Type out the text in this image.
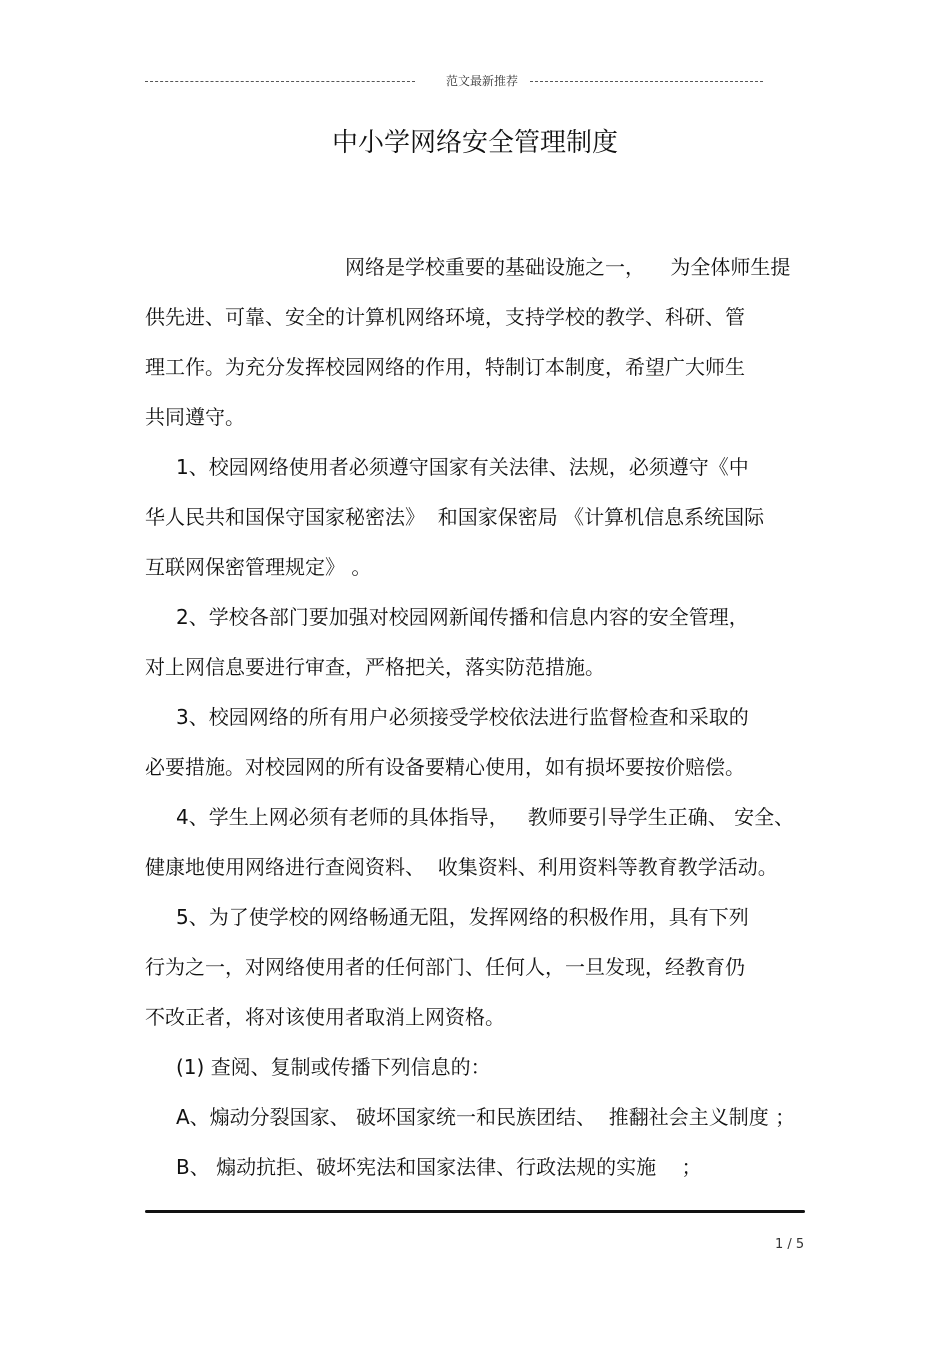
范文最新推荐
中小学网络安全管理制度
网络是学校重要的基础设施之一，    为全体师生提
供先进、可靠、安全的计算机网络环境，支持学校的教学、科研、管
理工作。为充分发挥校园网络的作用，特制订本制度，希望广大师生
共同遵守。
1、校园网络使用者必须遵守国家有关法律、法规，必须遵守《中
华人民共和国保守国家秘密法》  和国家保密局 《计算机信息系统国际
互联网保密管理规定》 。
2、学校各部门要加强对校园网新闻传播和信息内容的安全管理，
对上网信息要进行审查，严格把关，落实防范措施。
3、校园网络的所有用户必须接受学校依法进行监督检查和采取的
必要措施。对校园网的所有设备要精心使用，如有损坏要按价赔偿。
4、学生上网必须有老师的具体指导，   教师要引导学生正确、 安全、
健康地使用网络进行查阅资料、  收集资料、利用资料等教育教学活动。
5、为了使学校的网络畅通无阻，发挥网络的积极作用，具有下列
行为之一，对网络使用者的任何部门、任何人，一旦发现，经教育仍
不改正者，将对该使用者取消上网资格。
(1) 查阅、复制或传播下列信息的：
A、煽动分裂国家、 破坏国家统一和民族团结、  推翻社会主义制度 ；
B、 煽动抗拒、破坏宪法和国家法律、行政法规的实施    ；
1 / 5
